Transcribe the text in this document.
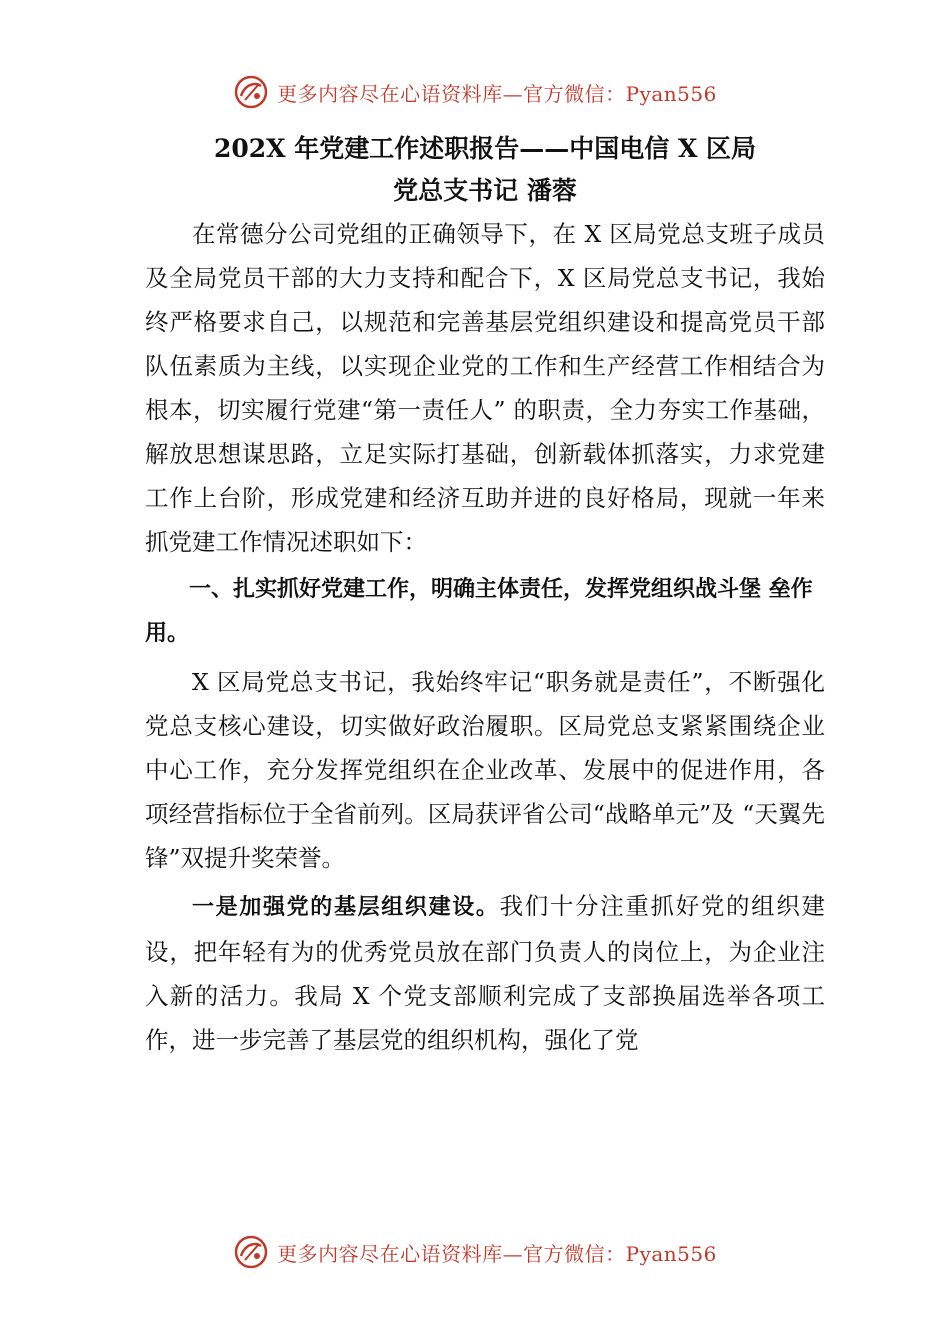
更多内容尽在心语资料库—官方微信：Pyan556

202X 年党建工作述职报告——中国电信 X 区局

党总支书记 潘蓉

在常德分公司党组的正确领导下，在 X 区局党总支班子成员及全局党员干部的大力支持和配合下，X 区局党总支书记，我始终严格要求自己，以规范和完善基层党组织建设和提高党员干部队伍素质为主线，以实现企业党的工作和生产经营工作相结合为根本，切实履行党建“第一责任人” 的职责，全力夯实工作基础，解放思想谋思路，立足实际打基础，创新载体抓落实，力求党建工作上台阶，形成党建和经济互助并进的良好格局，现就一年来抓党建工作情况述职如下：

一、扎实抓好党建工作，明确主体责任，发挥党组织战斗堡 垒作用。

X 区局党总支书记，我始终牢记“职务就是责任”，不断强化党总支核心建设，切实做好政治履职。区局党总支紧紧围绕企业中心工作，充分发挥党组织在企业改革、发展中的促进作用，各项经营指标位于全省前列。区局获评省公司“战略单元”及 “天翼先锋”双提升奖荣誉。

一是加强党的基层组织建设。我们十分注重抓好党的组织建设，把年轻有为的优秀党员放在部门负责人的岗位上，为企业注入新的活力。我局 X 个党支部顺利完成了支部换届选举各项工作，进一步完善了基层党的组织机构，强化了党

更多内容尽在心语资料库—官方微信：Pyan556
